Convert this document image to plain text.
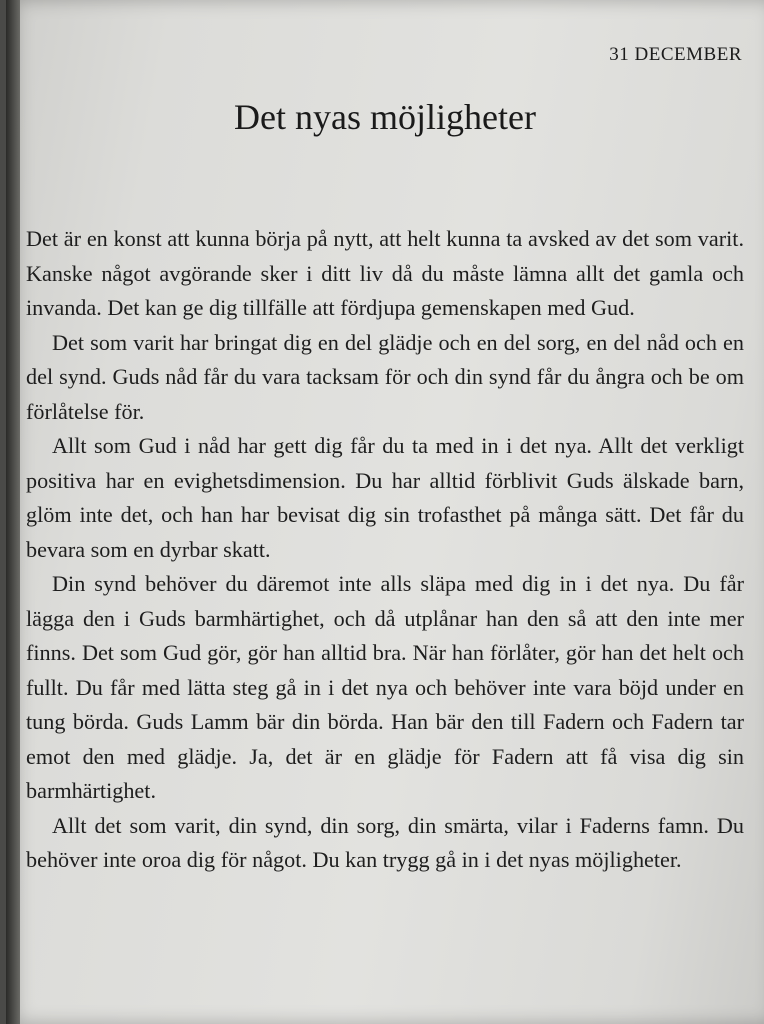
31 DECEMBER
Det nyas möjligheter

Det är en konst att kunna börja på nytt, att helt kunna ta avsked av det som varit. Kanske något avgörande sker i ditt liv då du måste lämna allt det gamla och invanda. Det kan ge dig tillfälle att fördjupa gemenskapen med Gud.

Det som varit har bringat dig en del glädje och en del sorg, en del nåd och en del synd. Guds nåd får du vara tacksam för och din synd får du ångra och be om förlåtelse för.

Allt som Gud i nåd har gett dig får du ta med in i det nya. Allt det verkligt positiva har en evighetsdimension. Du har alltid förblivit Guds älskade barn, glöm inte det, och han har bevisat dig sin trofasthet på många sätt. Det får du bevara som en dyrbar skatt.

Din synd behöver du däremot inte alls släpa med dig in i det nya. Du får lägga den i Guds barmhärtighet, och då utplånar han den så att den inte mer finns. Det som Gud gör, gör han alltid bra. När han förlåter, gör han det helt och fullt. Du får med lätta steg gå in i det nya och behöver inte vara böjd under en tung börda. Guds Lamm bär din börda. Han bär den till Fadern och Fadern tar emot den med glädje. Ja, det är en glädje för Fadern att få visa dig sin barmhärtighet.

Allt det som varit, din synd, din sorg, din smärta, vilar i Faderns famn. Du behöver inte oroa dig för något. Du kan trygg gå in i det nyas möjligheter.
